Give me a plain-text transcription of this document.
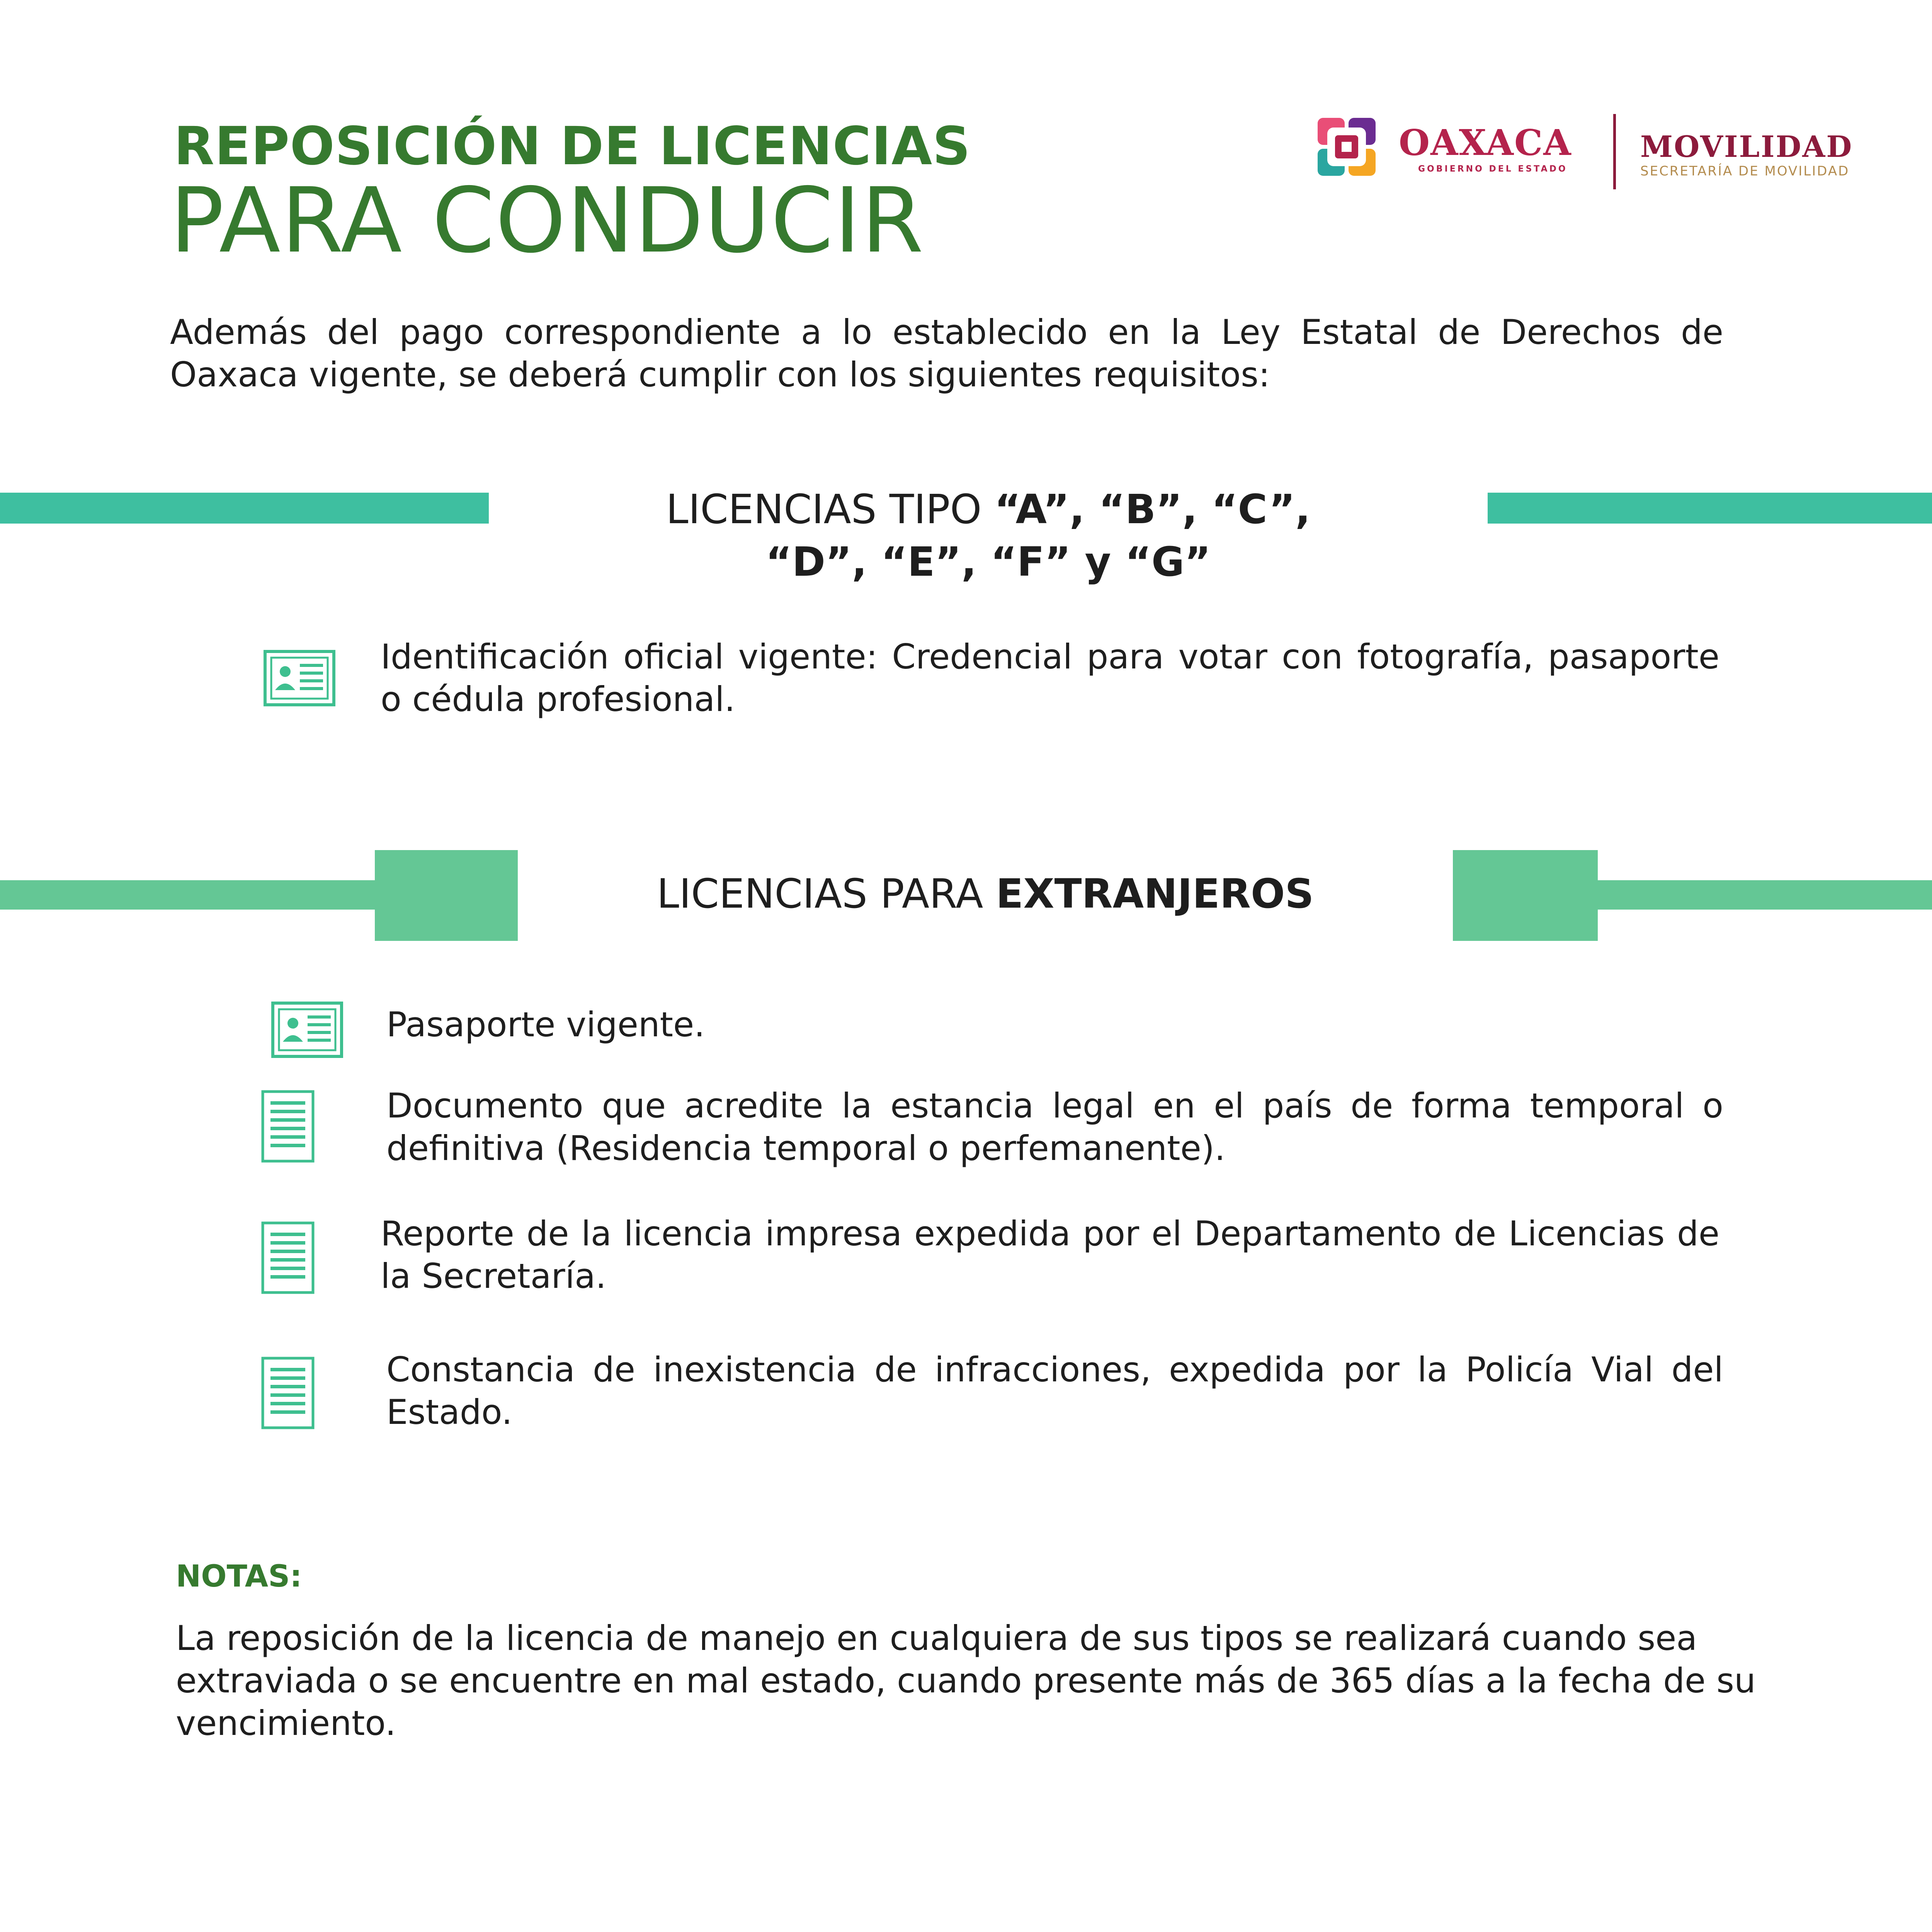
REPOSICIÓN DE LICENCIAS
PARA CONDUCIR
OAXACA
GOBIERNO DEL ESTADO
MOVILIDAD
SECRETARÍA DE MOVILIDAD
Además del pago correspondiente a lo establecido en la Ley Estatal de Derechos de Oaxaca vigente, se deberá cumplir con los siguientes requisitos:
LICENCIAS TIPO “A”, “B”, “C”,
“D”, “E”, “F” y “G”
Identificación oficial vigente: Credencial para votar con fotografía, pasaporte o cédula profesional.
LICENCIAS PARA EXTRANJEROS
Pasaporte vigente.
Documento que acredite la estancia legal en el país de forma temporal o definitiva (Residencia temporal o perfemanente).
Reporte de la licencia impresa expedida por el Departamento de Licencias de la Secretaría.
Constancia de inexistencia de infracciones, expedida por la Policía Vial del Estado.
NOTAS:
La reposición de la licencia de manejo en cualquiera de sus tipos se realizará cuando sea extraviada o se encuentre en mal estado, cuando presente más de 365 días a la fecha de su vencimiento.
